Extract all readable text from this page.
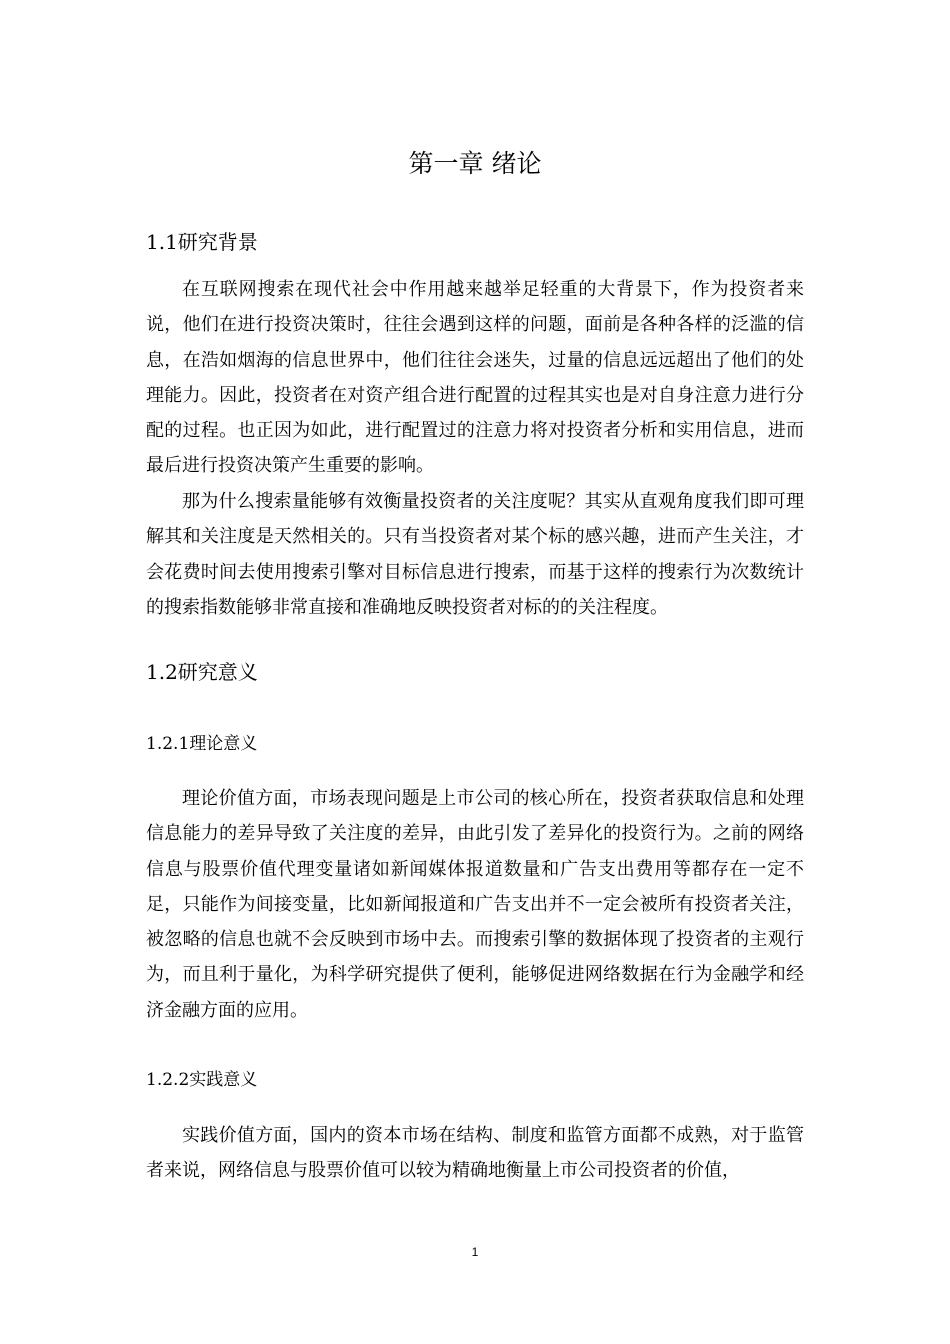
第一章 绪论
1.1研究背景

在互联网搜索在现代社会中作用越来越举足轻重的大背景下，作为投资者来说，他们在进行投资决策时，往往会遇到这样的问题，面前是各种各样的泛滥的信息，在浩如烟海的信息世界中，他们往往会迷失，过量的信息远远超出了他们的处理能力。因此，投资者在对资产组合进行配置的过程其实也是对自身注意力进行分配的过程。也正因为如此，进行配置过的注意力将对投资者分析和实用信息，进而最后进行投资决策产生重要的影响。

那为什么搜索量能够有效衡量投资者的关注度呢？其实从直观角度我们即可理解其和关注度是天然相关的。只有当投资者对某个标的感兴趣，进而产生关注，才会花费时间去使用搜索引擎对目标信息进行搜索，而基于这样的搜索行为次数统计的搜索指数能够非常直接和准确地反映投资者对标的的关注程度。

1.2研究意义
1.2.1理论意义

理论价值方面，市场表现问题是上市公司的核心所在，投资者获取信息和处理信息能力的差异导致了关注度的差异，由此引发了差异化的投资行为。之前的网络信息与股票价值代理变量诸如新闻媒体报道数量和广告支出费用等都存在一定不足，只能作为间接变量，比如新闻报道和广告支出并不一定会被所有投资者关注，被忽略的信息也就不会反映到市场中去。而搜索引擎的数据体现了投资者的主观行为，而且利于量化，为科学研究提供了便利，能够促进网络数据在行为金融学和经济金融方面的应用。

1.2.2实践意义

实践价值方面，国内的资本市场在结构、制度和监管方面都不成熟，对于监管者来说，网络信息与股票价值可以较为精确地衡量上市公司投资者的价值，

1
